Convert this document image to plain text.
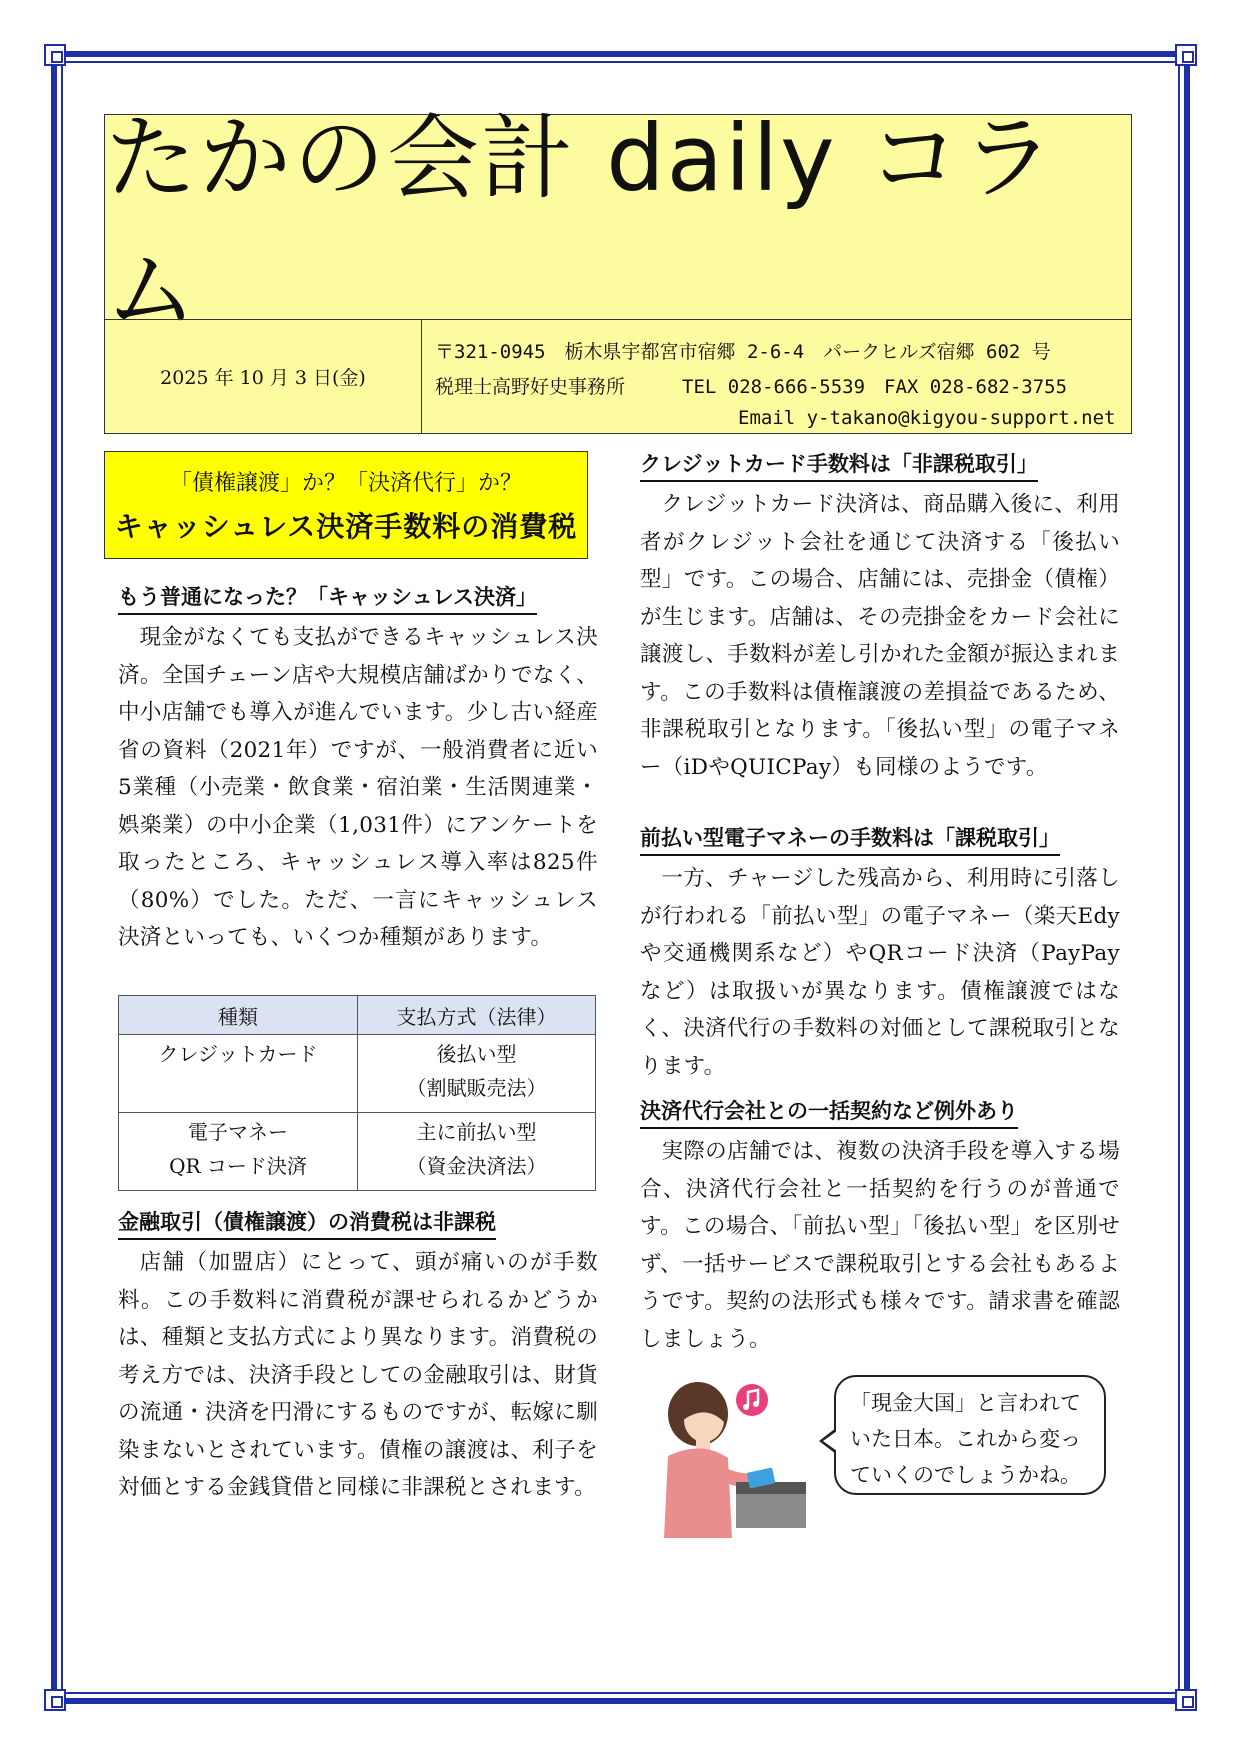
たかの会計 daily コラム
2025 年 10 月 3 日(金)
〒321-0945　栃木県宇都宮市宿郷 2-6-4　パークヒルズ宿郷 602 号
税理士高野好史事務所　　　TEL 028-666-5539　FAX 028-682-3755
Email y-takano@kigyou-support.net
「債権譲渡」か？「決済代行」か？
キャッシュレス決済手数料の消費税
もう普通になった？「キャッシュレス決済」

現金がなくても支払ができるキャッシュレス決済。全国チェーン店や大規模店舗ばかりでなく、中小店舗でも導入が進んでいます。少し古い経産省の資料（2021年）ですが、一般消費者に近い5業種（小売業・飲食業・宿泊業・生活関連業・娯楽業）の中小企業（1,031件）にアンケートを取ったところ、キャッシュレス導入率は825件（80%）でした。ただ、一言にキャッシュレス決済といっても、いくつか種類があります。

種類	支払方式（法律）
クレジットカード	後払い型
（割賦販売法）
電子マネー
QR コード決済	主に前払い型
（資金決済法）
金融取引（債権譲渡）の消費税は非課税

店舗（加盟店）にとって、頭が痛いのが手数料。この手数料に消費税が課せられるかどうかは、種類と支払方式により異なります。消費税の考え方では、決済手段としての金融取引は、財貨の流通・決済を円滑にするものですが、転嫁に馴染まないとされています。債権の譲渡は、利子を対価とする金銭貸借と同様に非課税とされます。

クレジットカード手数料は「非課税取引」

クレジットカード決済は、商品購入後に、利用者がクレジット会社を通じて決済する「後払い型」です。この場合、店舗には、売掛金（債権）が生じます。店舗は、その売掛金をカード会社に譲渡し、手数料が差し引かれた金額が振込まれます。この手数料は債権譲渡の差損益であるため、非課税取引となります。「後払い型」の電子マネー（iDやQUICPay）も同様のようです。

前払い型電子マネーの手数料は「課税取引」

一方、チャージした残高から、利用時に引落しが行われる「前払い型」の電子マネー（楽天Edyや交通機関系など）やQRコード決済（PayPayなど）は取扱いが異なります。債権譲渡ではなく、決済代行の手数料の対価として課税取引となります。

決済代行会社との一括契約など例外あり

実際の店舗では、複数の決済手段を導入する場合、決済代行会社と一括契約を行うのが普通です。この場合、「前払い型」「後払い型」を区別せず、一括サービスで課税取引とする会社もあるようです。契約の法形式も様々です。請求書を確認しましょう。

「現金大国」と言われて
いた日本。これから変っ
ていくのでしょうかね。
